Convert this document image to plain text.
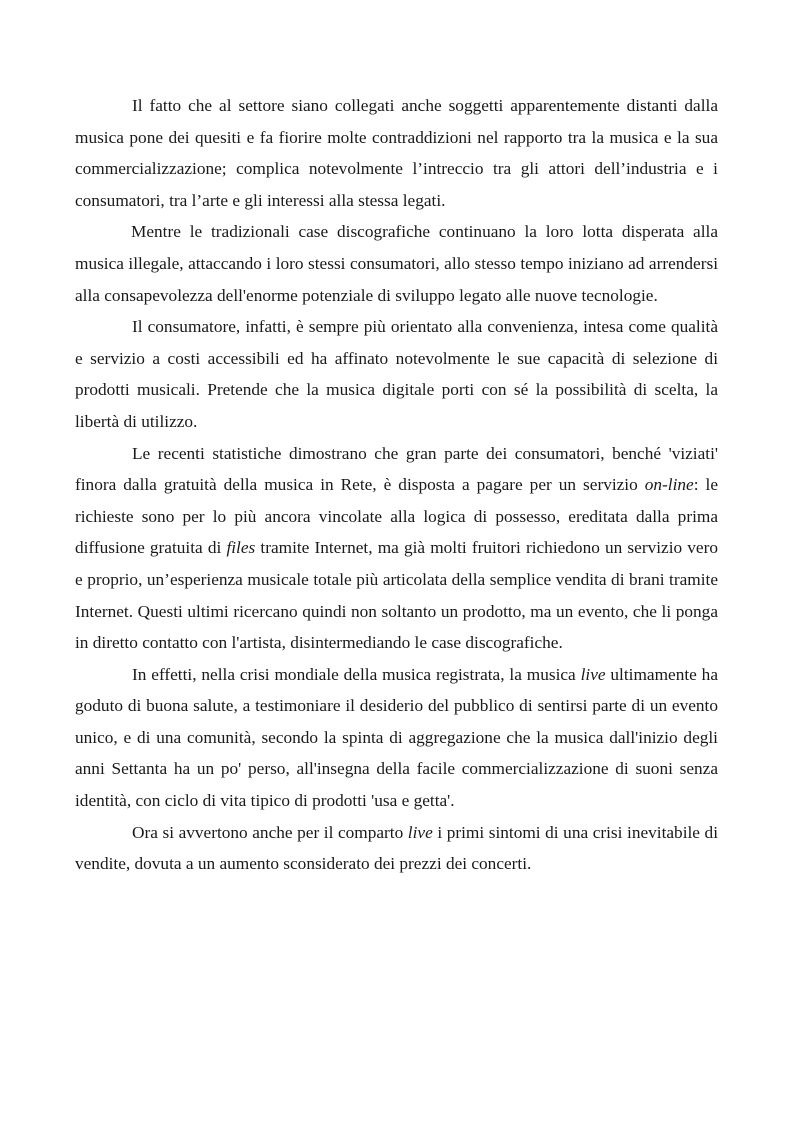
Il fatto che al settore siano collegati anche soggetti apparentemente distanti dalla musica pone dei quesiti e fa fiorire molte contraddizioni nel rapporto tra la musica e la sua commercializzazione; complica notevolmente l’intreccio tra gli attori dell’industria e i consumatori, tra l’arte e gli interessi alla stessa legati.

Mentre le tradizionali case discografiche continuano la loro lotta disperata alla musica illegale, attaccando i loro stessi consumatori, allo stesso tempo iniziano ad arrendersi alla consapevolezza dell'enorme potenziale di sviluppo legato alle nuove tecnologie.

Il consumatore, infatti, è sempre più orientato alla convenienza, intesa come qualità e servizio a costi accessibili ed ha affinato notevolmente le sue capacità di selezione di prodotti musicali. Pretende che la musica digitale porti con sé la possibilità di scelta, la libertà di utilizzo.

Le recenti statistiche dimostrano che gran parte dei consumatori, benché 'viziati' finora dalla gratuità della musica in Rete, è disposta a pagare per un servizio on-line: le richieste sono per lo più ancora vincolate alla logica di possesso, ereditata dalla prima diffusione gratuita di files tramite Internet, ma già molti fruitori richiedono un servizio vero e proprio, un’esperienza musicale totale più articolata della semplice vendita di brani tramite Internet. Questi ultimi ricercano quindi non soltanto un prodotto, ma un evento, che li ponga in diretto contatto con l'artista, disintermediando le case discografiche.

In effetti, nella crisi mondiale della musica registrata, la musica live ultimamente ha goduto di buona salute, a testimoniare il desiderio del pubblico di sentirsi parte di un evento unico, e di una comunità, secondo la spinta di aggregazione che la musica dall'inizio degli anni Settanta ha un po' perso, all'insegna della facile commercializzazione di suoni senza identità, con ciclo di vita tipico di prodotti 'usa e getta'.

Ora si avvertono anche per il comparto live i primi sintomi di una crisi inevitabile di vendite, dovuta a un aumento sconsiderato dei prezzi dei concerti.
